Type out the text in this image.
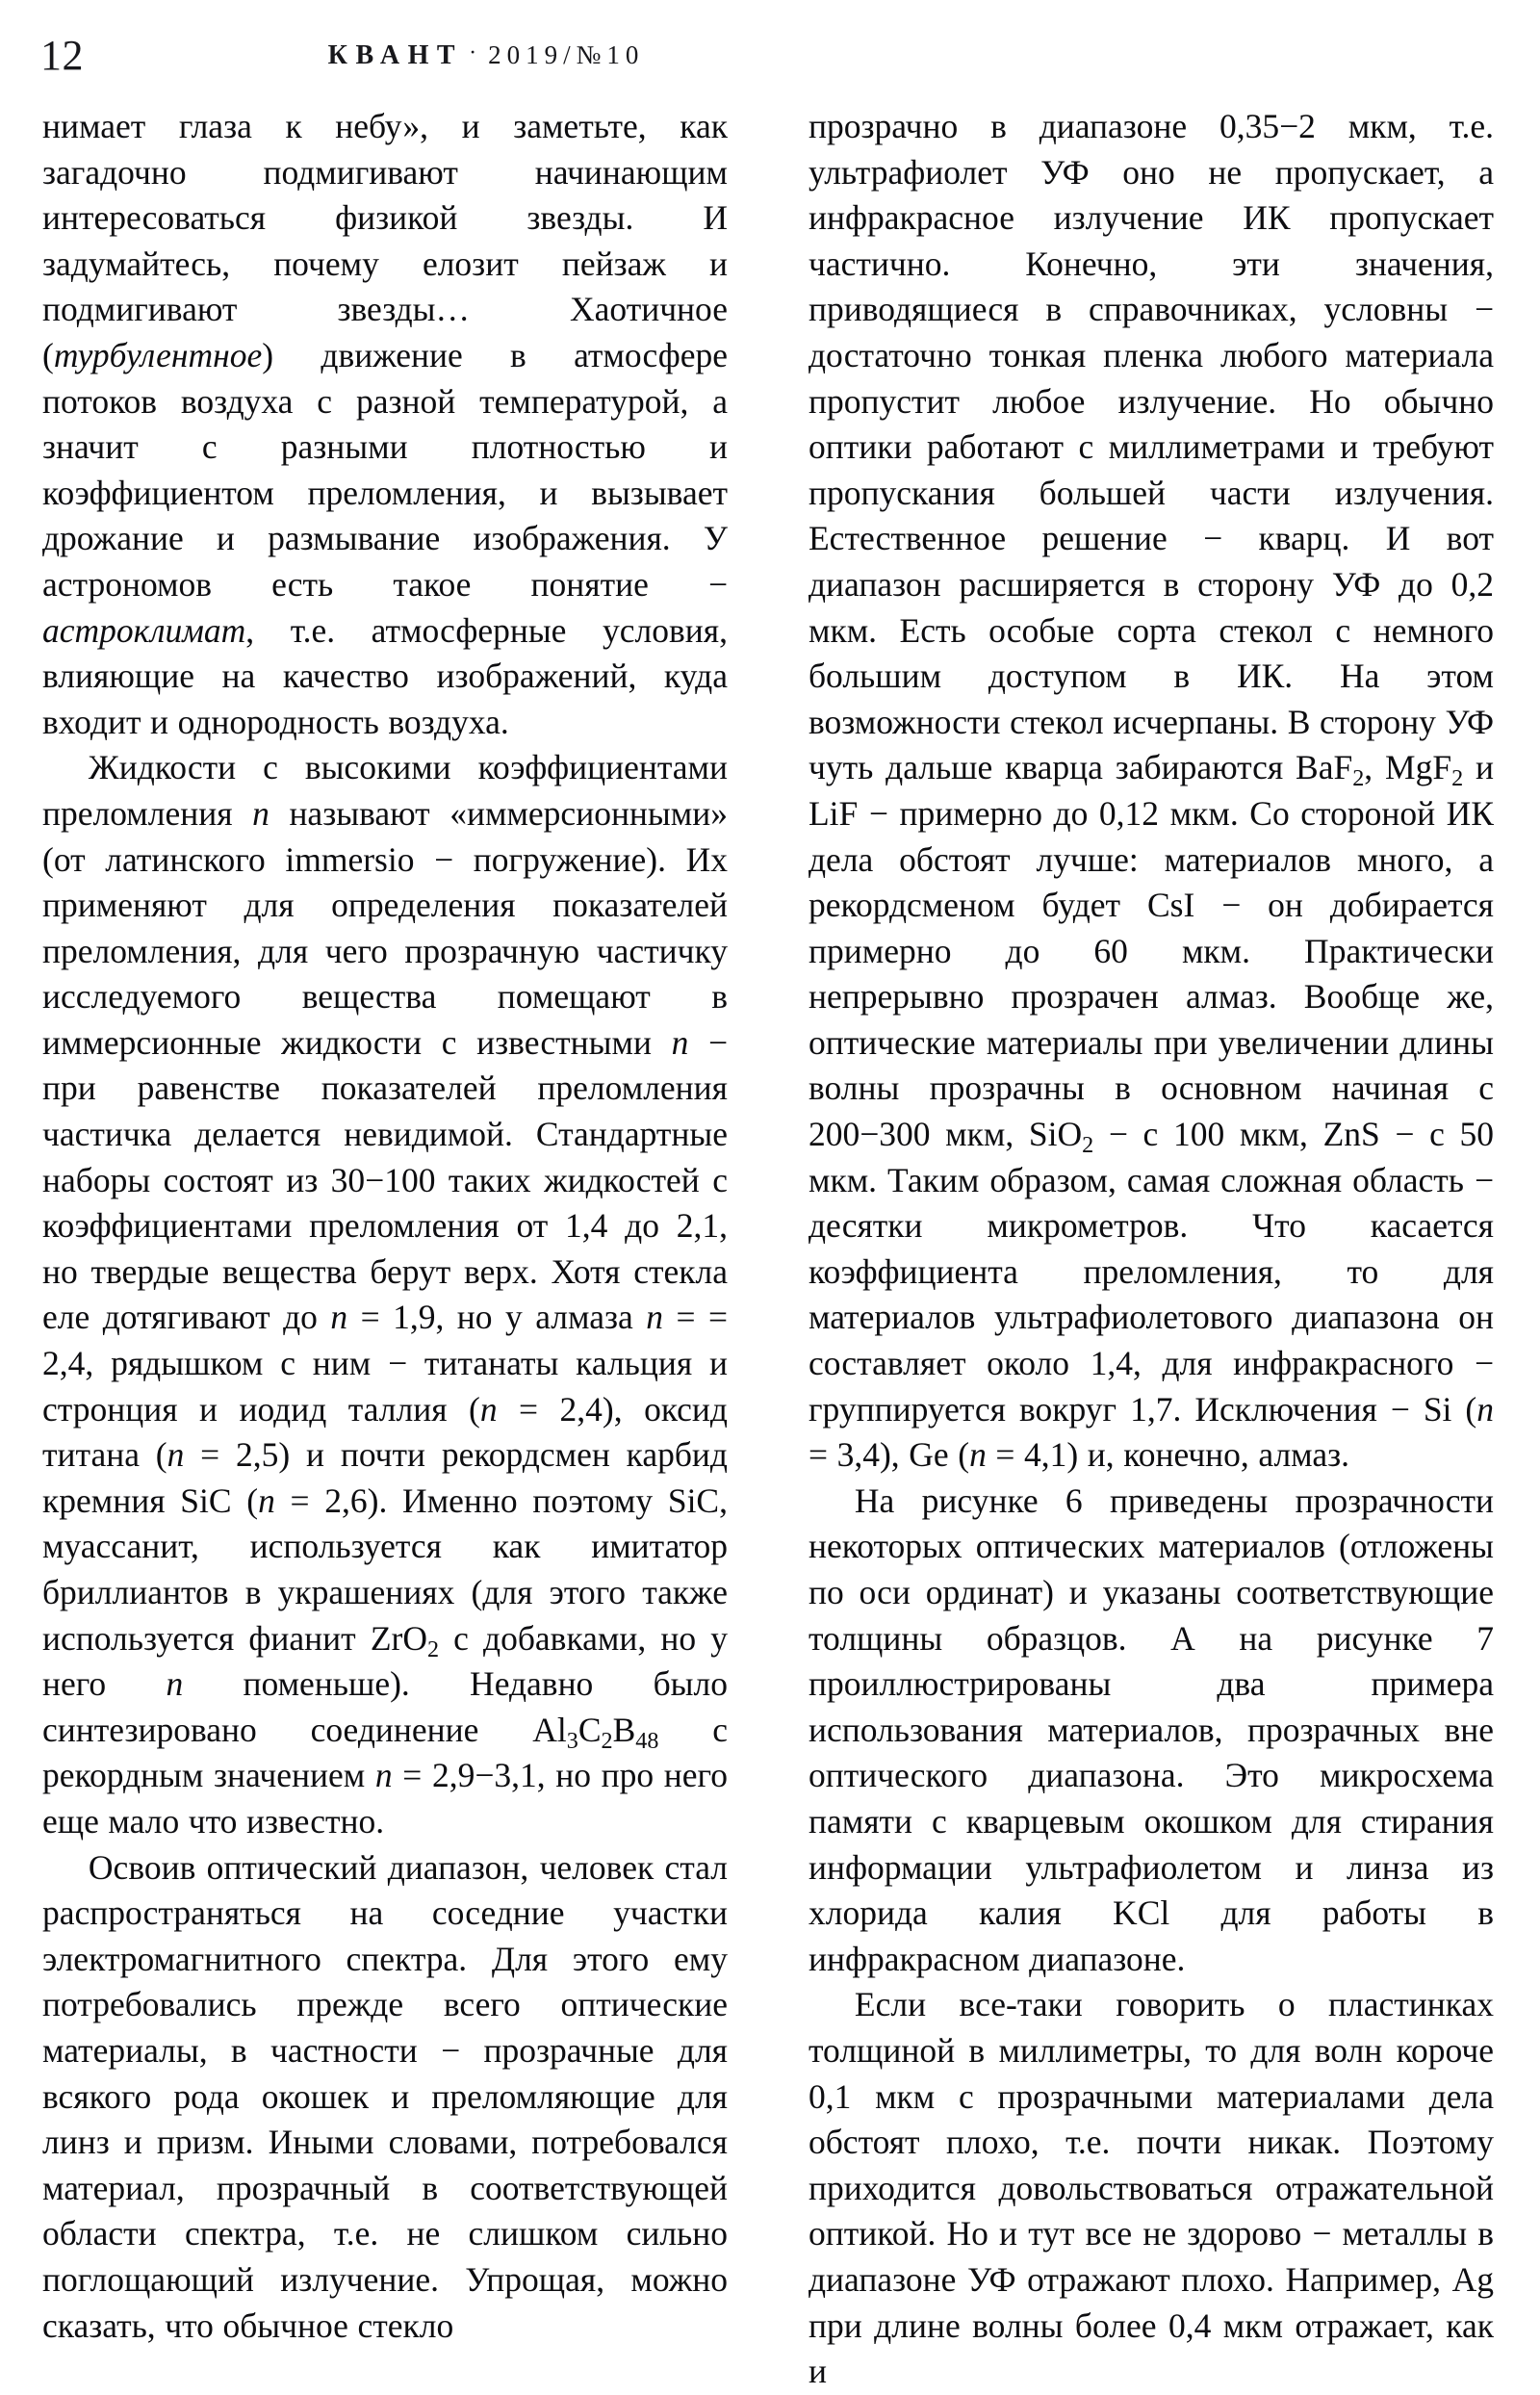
12	КВАНТ · 2019/№10

нимает глаза к небу», и заметьте, как загадочно подмигивают начинающим интересоваться физикой звезды. И задумайтесь, почему елозит пейзаж и подмигивают звезды… Хаотичное (турбулентное) движение в атмосфере потоков воздуха с разной температурой, а значит с разными плотностью и коэффициентом преломления, и вызывает дрожание и размывание изображения. У астрономов есть такое понятие − астроклимат, т.е. атмосферные условия, влияющие на качество изображений, куда входит и однородность воздуха.

Жидкости с высокими коэффициентами преломления n называют «иммерсионными» (от латинского immersio − погружение). Их применяют для определения показателей преломления, для чего прозрачную частичку исследуемого вещества помещают в иммерсионные жидкости с известными n − при равенстве показателей преломления частичка делается невидимой. Стандартные наборы состоят из 30−100 таких жидкостей с коэффициентами преломления от 1,4 до 2,1, но твердые вещества берут верх. Хотя стекла еле дотягивают до n = 1,9, но у алмаза n = = 2,4, рядышком с ним − титанаты кальция и стронция и иодид таллия (n = 2,4), оксид титана (n = 2,5) и почти рекордсмен карбид кремния SiC (n = 2,6). Именно поэтому SiC, муассанит, используется как имитатор бриллиантов в украшениях (для этого также используется фианит ZrO$_2$ с добавками, но у него n поменьше). Недавно было синтезировано соединение $Al_3C_2B_{48}$ с рекордным значением n = 2,9−3,1, но про него еще мало что известно.

Освоив оптический диапазон, человек стал распространяться на соседние участки электромагнитного спектра. Для этого ему потребовались прежде всего оптические материалы, в частности − прозрачные для всякого рода окошек и преломляющие для линз и призм. Иными словами, потребовался материал, прозрачный в соответствующей области спектра, т.е. не слишком сильно поглощающий излучение. Упрощая, можно сказать, что обычное стекло

прозрачно в диапазоне 0,35−2 мкм, т.е. ультрафиолет УФ оно не пропускает, а инфракрасное излучение ИК пропускает частично. Конечно, эти значения, приводящиеся в справочниках, условны − достаточно тонкая пленка любого материала пропустит любое излучение. Но обычно оптики работают с миллиметрами и требуют пропускания большей части излучения. Естественное решение − кварц. И вот диапазон расширяется в сторону УФ до 0,2 мкм. Есть особые сорта стекол с немного большим доступом в ИК. На этом возможности стекол исчерпаны. В сторону УФ чуть дальше кварца забираются BaF$_2$, MgF$_2$ и LiF − примерно до 0,12 мкм. Со стороной ИК дела обстоят лучше: материалов много, а рекордсменом будет CsI − он добирается примерно до 60 мкм. Практически непрерывно прозрачен алмаз. Вообще же, оптические материалы при увеличении длины волны прозрачны в основном начиная с 200−300 мкм, SiO$_2$ − с 100 мкм, ZnS − с 50 мкм. Таким образом, самая сложная область − десятки микрометров. Что касается коэффициента преломления, то для материалов ультрафиолетового диапазона он составляет около 1,4, для инфракрасного − группируется вокруг 1,7. Исключения − Si (n = 3,4), Ge (n = 4,1) и, конечно, алмаз.

На рисунке 6 приведены прозрачности некоторых оптических материалов (отложены по оси ординат) и указаны соответствующие толщины образцов. А на рисунке 7 проиллюстрированы два примера использования материалов, прозрачных вне оптического диапазона. Это микросхема памяти с кварцевым окошком для стирания информации ультрафиолетом и линза из хлорида калия KCl для работы в инфракрасном диапазоне.

Если все-таки говорить о пластинках толщиной в миллиметры, то для волн короче 0,1 мкм с прозрачными материалами дела обстоят плохо, т.е. почти никак. Поэтому приходится довольствоваться отражательной оптикой. Но и тут все не здорово − металлы в диапазоне УФ отражают плохо. Например, Ag при длине волны более 0,4 мкм отражает, как и
